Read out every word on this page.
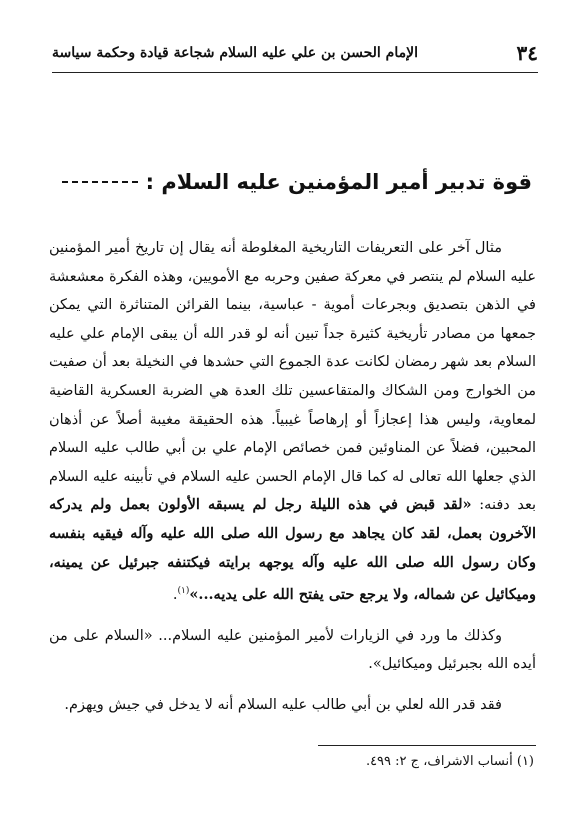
٣٤
الإمام الحسن بن علي عليه السلام شجاعة قيادة وحكمة سياسة
قوة تدبير أمير المؤمنين عليه السلام :

مثال آخر على التعريفات التاريخية المغلوطة أنه يقال إن تاريخ أمير المؤمنين عليه السلام لم ينتصر في معركة صفين وحربه مع الأمويين، وهذه الفكرة معشعشة في الذهن بتصديق وبجرعات أموية - عباسية، بينما القرائن المتناثرة التي يمكن جمعها من مصادر تأريخية كثيرة جداً تبين أنه لو قدر الله أن يبقى الإمام علي عليه السلام بعد شهر رمضان لكانت عدة الجموع التي حشدها في النخيلة بعد أن صفيت من الخوارج ومن الشكاك والمتقاعسين تلك العدة هي الضربة العسكرية القاضية لمعاوية، وليس هذا إعجازاً أو إرهاصاً غيبياً. هذه الحقيقة مغيبة أصلاً عن أذهان المحبين، فضلاً عن المناوئين فمن خصائص الإمام علي بن أبي طالب عليه السلام الذي جعلها الله تعالى له كما قال الإمام الحسن عليه السلام في تأبينه عليه السلام بعد دفنه: «لقد قبض في هذه الليلة رجل لم يسبقه الأولون بعمل ولم يدركه الآخرون بعمل، لقد كان يجاهد مع رسول الله صلى الله عليه وآله فيقيه بنفسه وكان رسول الله صلى الله عليه وآله يوجهه برايته فيكتنفه جبرئيل عن يمينه، وميكائيل عن شماله، ولا يرجع حتى يفتح الله على يديه...»$^{(١)}$.

وكذلك ما ورد في الزيارات لأمير المؤمنين عليه السلام... «السلام على من أيده الله بجبرئيل وميكائيل».

فقد قدر الله لعلي بن أبي طالب عليه السلام أنه لا يدخل في جيش ويهزم.

(١) أنساب الاشراف، ج ٢: ٤٩٩.
